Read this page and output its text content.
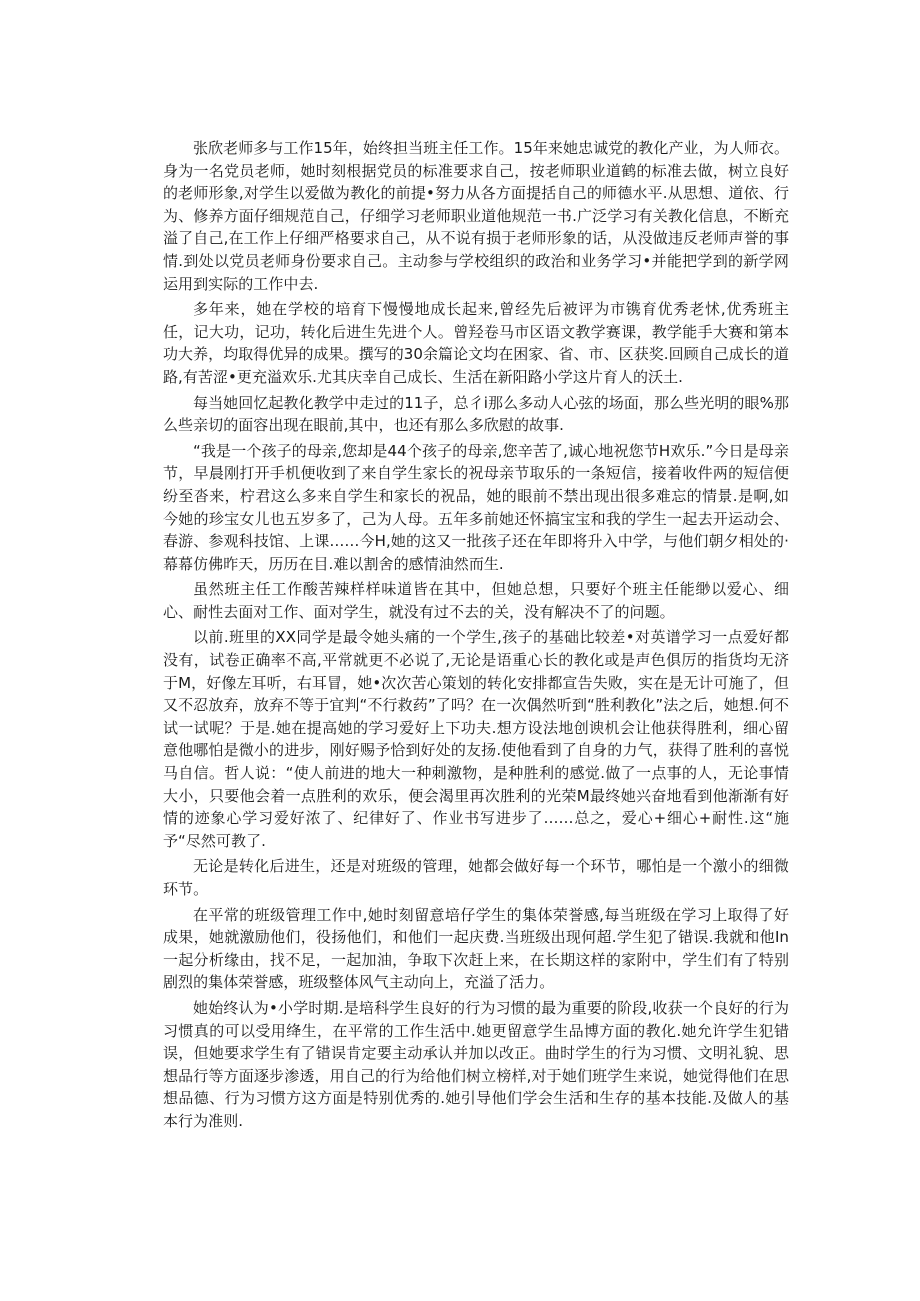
张欣老师多与工作15年，始终担当班主任工作。15年来她忠诚党的教化产业，为人师衣。身为一名党员老师，她时刻根据党员的标准要求自己，按老师职业道鹤的标准去做，树立良好的老师形象,对学生以爱做为教化的前提•努力从各方面提括自己的师德水平.从思想、道依、行为、修养方面仔细规范自己，仔细学习老师职业道他规范一书.广泛学习有关教化信息，不断充溢了自己,在工作上仔细严格要求自己，从不说有损于老师形象的话，从没做违反老师声誉的事情.到处以党员老师身份要求自己。主动参与学校组织的政治和业务学习•并能把学到的新学网运用到实际的工作中去.

多年来，她在学校的培育下慢慢地成长起来,曾经先后被评为市镌育优秀老怵,优秀班主任，记大功，记功，转化后进生先进个人。曾羟卷马市区语文教学赛课，教学能手大赛和第本功大养，均取得优异的成果。撰写的30余篇论文均在困家、省、市、区获奖.回顾自己成长的道路,有苦涩•更充溢欢乐.尤其庆幸自己成长、生活在新阳路小学这片育人的沃土.

每当她回忆起教化教学中走过的11子，总彳i那么多动人心弦的场面，那么些光明的眼%那么些亲切的面容出现在眼前,其中，也还有那么多欣慰的故事.

“我是一个孩子的母亲,您却是44个孩子的母亲,您辛苦了,诚心地祝您节H欢乐.”今日是母亲节，早晨刚打开手机便收到了来自学生家长的祝母亲节取乐的一条短信，接着收件两的短信便纷至沓来，柠君这么多来自学生和家长的祝品，她的眼前不禁出现出很多难忘的情景.是啊,如今她的珍宝女儿也五岁多了，己为人母。五年多前她还怀搞宝宝和我的学生一起去开运动会、春游、参观科技馆、上课……今H,她的这又一批孩子还在年即将升入中学，与他们朝夕相处的·幕幕仿佛昨天，历历在目.难以割舍的感情油然而生.

虽然班主任工作酸苦辣样样味道皆在其中，但她总想，只要好个班主任能缈以爱心、细心、耐性去面对工作、面对学生，就没有过不去的关，没有解决不了的问题。

以前.班里的XX同学是最令她头痛的一个学生,孩子的基础比较差•对英谱学习一点爱好都没有，试卷正确率不高,平常就更不必说了,无论是语重心长的教化或是声色俱厉的指货均无济于M，好像左耳听，右耳冒，她•次次苦心策划的转化安排都宣告失败，实在是无计可施了，但又不忍放弃，放弃不等于宜判“不行救药”了吗？在一次偶然听到“胜利教化”法之后，她想.何不试一试呢？于是.她在提高她的学习爱好上下功夫.想方设法地创谀机会让他获得胜利，细心留意他哪怕是微小的进步，刚好赐予恰到好处的友扬.使他看到了自身的力气，获得了胜利的喜悦马自信。哲人说：“使人前进的地大一种刺激物，是种胜利的感觉.做了一点事的人，无论事情大小，只要他会着一点胜利的欢乐，便会渴里再次胜利的光荣M最终她兴奋地看到他渐渐有好情的迹象心学习爱好浓了、纪律好了、作业书写进步了……总之，爱心+细心+耐性.这“施予“尽然可教了.

无论是转化后进生，还是对班级的管理，她都会做好每一个环节，哪怕是一个激小的细微环节。

在平常的班级管理工作中,她时刻留意培仔学生的集体荣誉感,每当班级在学习上取得了好成果，她就激励他们，役扬他们，和他们一起庆费.当班级出现何超.学生犯了错误.我就和他In一起分析缘由，找不足，一起加油，争取下次赶上来，在长期这样的家附中，学生们有了特别剧烈的集体荣誉感，班级整体风气主动向上，充溢了活力。

她始终认为•小学时期.是培科学生良好的行为习惯的最为重要的阶段,收获一个良好的行为习惯真的可以受用绛生，在平常的工作生活中.她更留意学生品博方面的教化.她允许学生犯错误，但她要求学生有了错误肯定要主动承认并加以改正。曲时学生的行为习惯、文明礼貌、思想品行等方面逐步渗透，用自己的行为给他们树立榜样,对于她们班学生来说，她觉得他们在思想品德、行为习惯方这方面是特别优秀的.她引导他们学会生活和生存的基本技能.及做人的基本行为准则.
